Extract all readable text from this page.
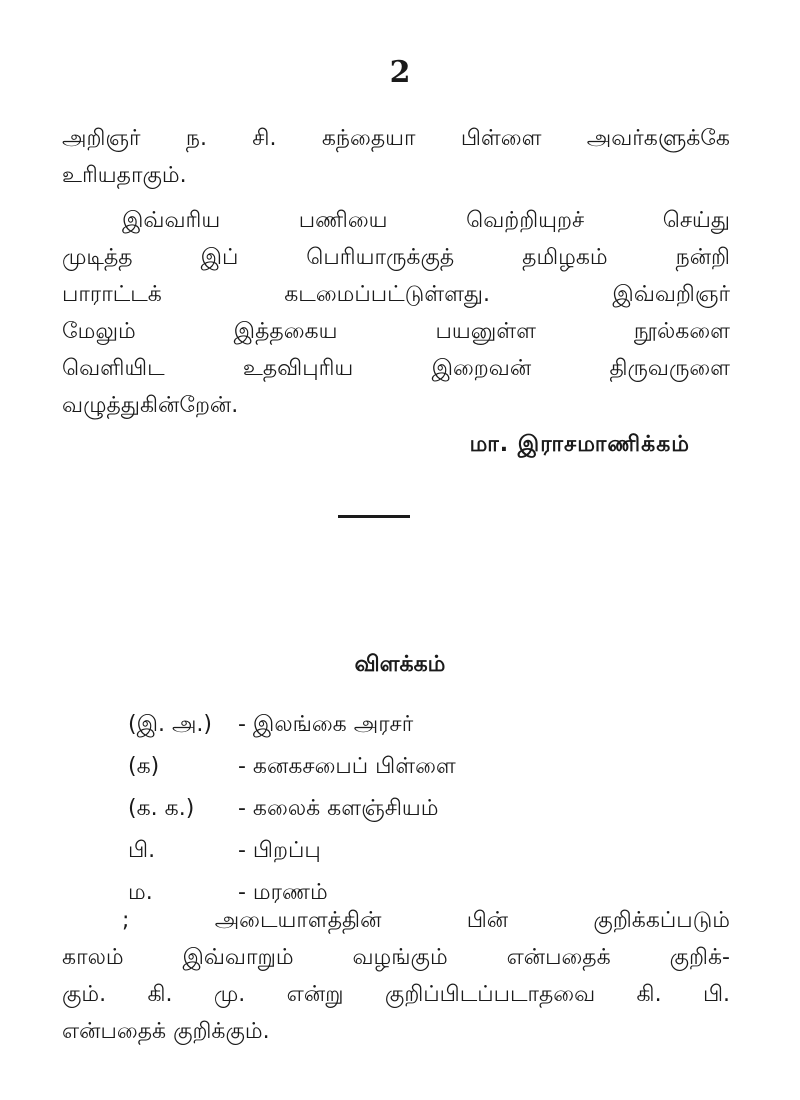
2
அறிஞர் ந. சி. கந்தையா பிள்ளை அவர்களுக்கே
உரியதாகும்.
இவ்வரிய பணியை வெற்றியுறச் செய்து
முடித்த இப் பெரியாருக்குத் தமிழகம் நன்றி
பாராட்டக் கடமைப்பட்டுள்ளது. இவ்வறிஞர்
மேலும் இத்தகைய பயனுள்ள நூல்களை
வெளியிட உதவிபுரிய இறைவன் திருவருளை
வழுத்துகின்றேன்.
மா. இராசமாணிக்கம்
விளக்கம்
(இ. அ.)	- இலங்கை அரசர்
(க)	- கனகசபைப் பிள்ளை
(க. க.)	- கலைக் களஞ்சியம்
பி.	- பிறப்பு
ம.	- மரணம்
; அடையாளத்தின் பின் குறிக்கப்படும்
காலம் இவ்வாறும் வழங்கும் என்பதைக் குறிக்-
கும். கி. மு. என்று குறிப்பிடப்படாதவை கி. பி.
என்பதைக் குறிக்கும்.
